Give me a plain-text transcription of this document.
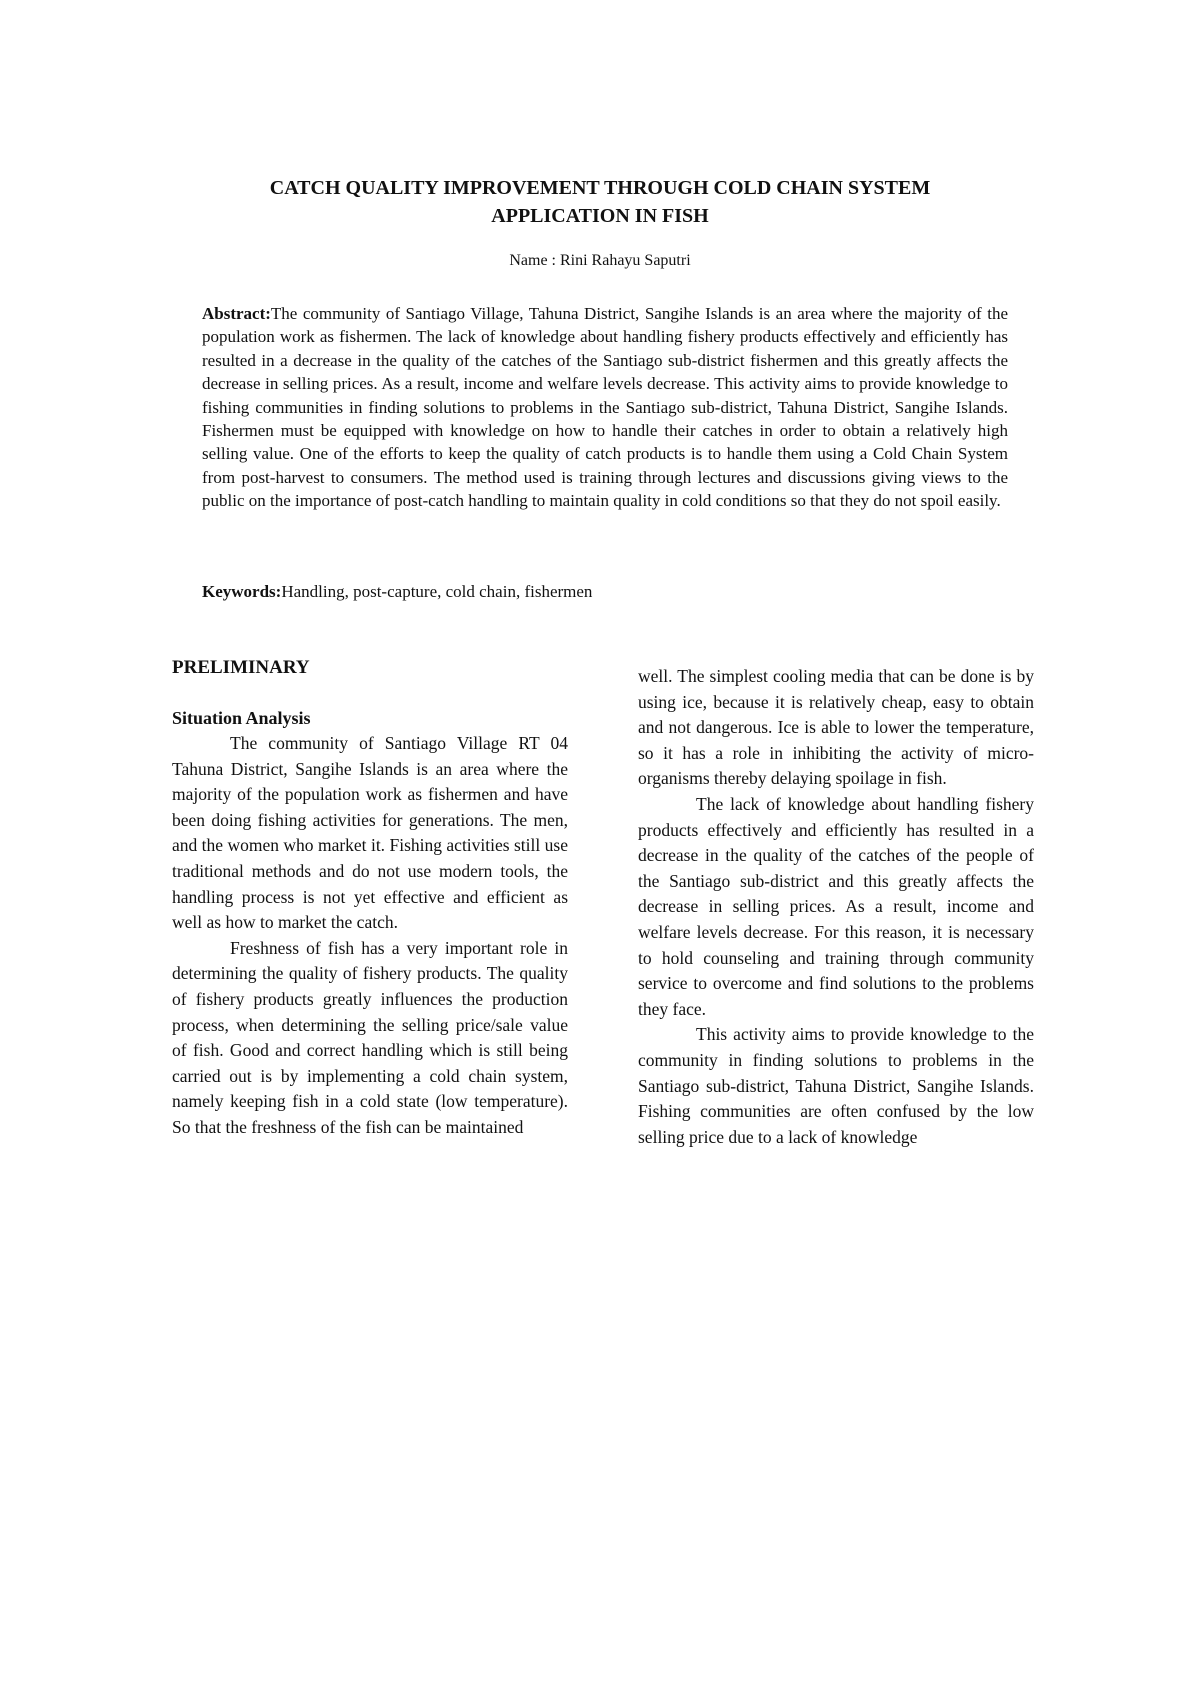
CATCH QUALITY IMPROVEMENT THROUGH COLD CHAIN SYSTEM
APPLICATION IN FISH

Name : Rini Rahayu Saputri

Abstract:The community of Santiago Village, Tahuna District, Sangihe Islands is an area where the majority of the population work as fishermen. The lack of knowledge about handling fishery products effectively and efficiently has resulted in a decrease in the quality of the catches of the Santiago sub-district fishermen and this greatly affects the decrease in selling prices. As a result, income and welfare levels decrease. This activity aims to provide knowledge to fishing communities in finding solutions to problems in the Santiago sub-district, Tahuna District, Sangihe Islands. Fishermen must be equipped with knowledge on how to handle their catches in order to obtain a relatively high selling value. One of the efforts to keep the quality of catch products is to handle them using a Cold Chain System from post-harvest to consumers. The method used is training through lectures and discussions giving views to the public on the importance of post-catch handling to maintain quality in cold conditions so that they do not spoil easily.

Keywords:Handling, post-capture, cold chain, fishermen

PRELIMINARY
Situation Analysis

The community of Santiago Village RT 04 Tahuna District, Sangihe Islands is an area where the majority of the population work as fishermen and have been doing fishing activities for generations. The men, and the women who market it. Fishing activities still use traditional methods and do not use modern tools, the handling process is not yet effective and efficient as well as how to market the catch.

Freshness of fish has a very important role in determining the quality of fishery products. The quality of fishery products greatly influences the production process, when determining the selling price/sale value of fish. Good and correct handling which is still being carried out is by implementing a cold chain system, namely keeping fish in a cold state (low temperature). So that the freshness of the fish can be maintained

well. The simplest cooling media that can be done is by using ice, because it is relatively cheap, easy to obtain and not dangerous. Ice is able to lower the temperature, so it has a role in inhibiting the activity of micro-organisms thereby delaying spoilage in fish.

The lack of knowledge about handling fishery products effectively and efficiently has resulted in a decrease in the quality of the catches of the people of the Santiago sub-district and this greatly affects the decrease in selling prices. As a result, income and welfare levels decrease. For this reason, it is necessary to hold counseling and training through community service to overcome and find solutions to the problems they face.

This activity aims to provide knowledge to the community in finding solutions to problems in the Santiago sub-district, Tahuna District, Sangihe Islands. Fishing communities are often confused by the low selling price due to a lack of knowledge
